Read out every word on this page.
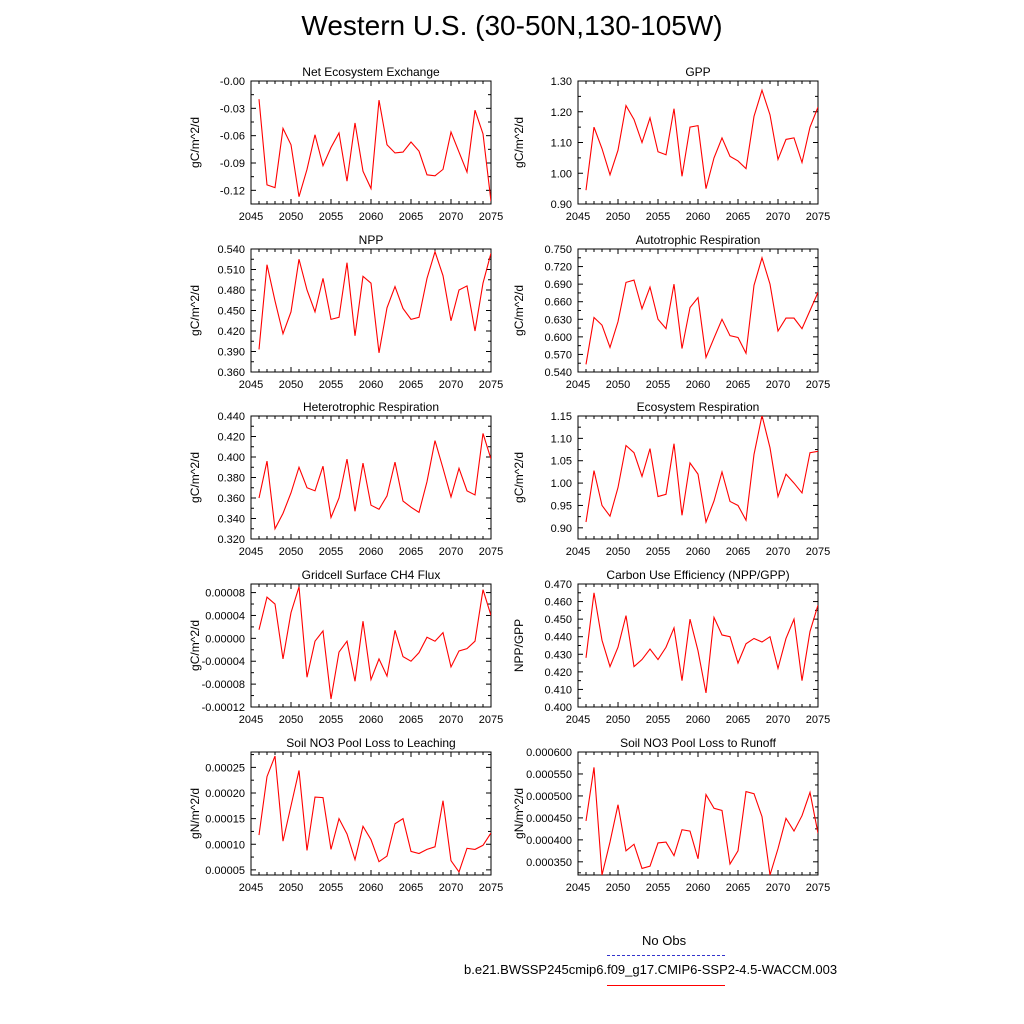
Western U.S. (30-50N,130-105W)
Net Ecosystem Exchange
2045 2050 2055 2060 2065 2070 2075
-0.00
-0.03
-0.06
-0.09
-0.12
gC/m^2/d
GPP
2045 2050 2055 2060 2065 2070 2075
0.90
1.00
1.10
1.20
1.30
gC/m^2/d
NPP
2045 2050 2055 2060 2065 2070 2075
0.360
0.390
0.420
0.450
0.480
0.510
0.540
gC/m^2/d
Autotrophic Respiration
2045 2050 2055 2060 2065 2070 2075
0.540
0.570
0.600
0.630
0.660
0.690
0.720
0.750
gC/m^2/d
Heterotrophic Respiration
2045 2050 2055 2060 2065 2070 2075
0.320
0.340
0.360
0.380
0.400
0.420
0.440
gC/m^2/d
Ecosystem Respiration
2045 2050 2055 2060 2065 2070 2075
0.90
0.95
1.00
1.05
1.10
1.15
gC/m^2/d
Gridcell Surface CH4 Flux
2045 2050 2055 2060 2065 2070 2075
-0.00012
-0.00008
-0.00004
0.00000
0.00004
0.00008
gC/m^2/d
Carbon Use Efficiency (NPP/GPP)
2045 2050 2055 2060 2065 2070 2075
0.400
0.410
0.420
0.430
0.440
0.450
0.460
0.470
NPP/GPP
Soil NO3 Pool Loss to Leaching
2045 2050 2055 2060 2065 2070 2075
0.00005
0.00010
0.00015
0.00020
0.00025
gN/m^2/d
Soil NO3 Pool Loss to Runoff
2045 2050 2055 2060 2065 2070 2075
0.000350
0.000400
0.000450
0.000500
0.000550
0.000600
gN/m^2/d
No Obs
b.e21.BWSSP245cmip6.f09_g17.CMIP6-SSP2-4.5-WACCM.003
